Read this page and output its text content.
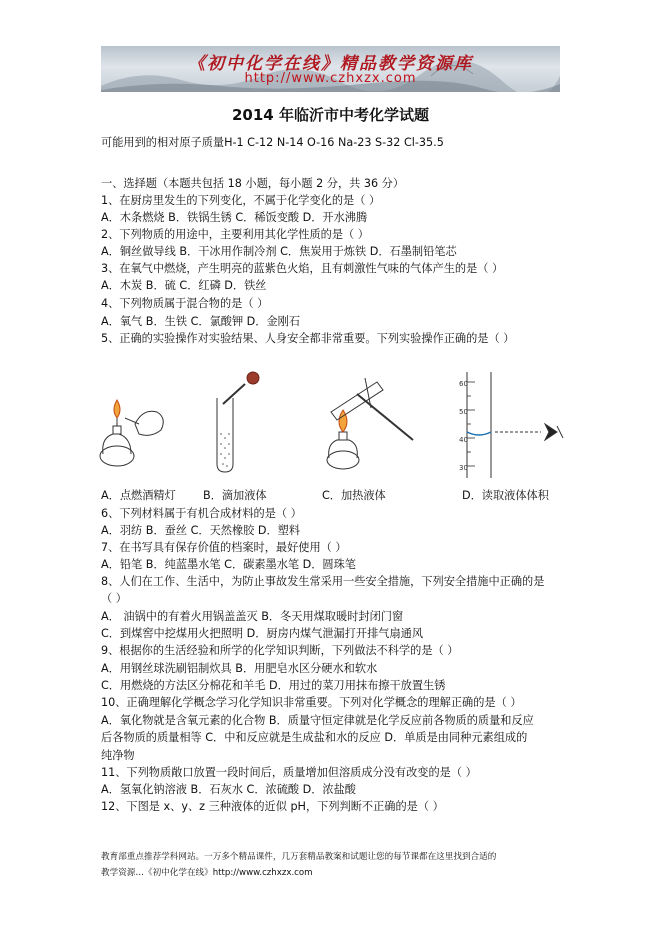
《初中化学在线》精品教学资源库
http://www.czhxzx.com
2014 年临沂市中考化学试题
可能用到的相对原子质量H-1 C-12 N-14 O-16 Na-23 S-32 Cl-35.5
一、选择题（本题共包括 18 小题，每小题 2 分，共 36 分）
1、在厨房里发生的下列变化，不属于化学变化的是（ ）
A．木条燃烧 B．铁锅生锈 C．稀饭变酸 D．开水沸腾
2、下列物质的用途中，主要利用其化学性质的是（ ）
A．铜丝做导线 B．干冰用作制冷剂 C．焦炭用于炼铁 D．石墨制铅笔芯
3、在氧气中燃烧，产生明亮的蓝紫色火焰，且有刺激性气味的气体产生的是（ ）
A．木炭 B．硫 C．红磷 D．铁丝
4、下列物质属于混合物的是（ ）
A．氧气 B．生铁 C．氯酸钾 D．金刚石
5、正确的实验操作对实验结果、人身安全都非常重要。下列实验操作正确的是（ ）
60
50
40
30
A．点燃酒精灯 B．滴加液体	C．加热液体	D．读取液体体积
6、下列材料属于有机合成材料的是（ ）
A．羽纺 B．蚕丝 C．天然橡胶 D．塑料
7、在书写具有保存价值的档案时，最好使用（ ）
A．铅笔 B．纯蓝墨水笔 C．碳素墨水笔 D．圆珠笔
8、人们在工作、生活中，为防止事故发生常采用一些安全措施，下列安全措施中正确的是
（ ）
A． 油锅中的有着火用锅盖盖灭 B．冬天用煤取暖时封闭门窗
C．到煤窖中挖煤用火把照明 D．厨房内煤气泄漏打开排气扇通风
9、根据你的生活经验和所学的化学知识判断，下列做法不科学的是（ ）
A．用钢丝球洗刷铝制炊具 B．用肥皂水区分硬水和软水
C．用燃烧的方法区分棉花和羊毛 D．用过的菜刀用抹布擦干放置生锈
10、正确理解化学概念学习化学知识非常重要。下列对化学概念的理解正确的是（ ）
A．氧化物就是含氧元素的化合物 B．质量守恒定律就是化学反应前各物质的质量和反应
后各物质的质量相等 C．中和反应就是生成盐和水的反应 D．单质是由同种元素组成的
纯净物
11、下列物质敞口放置一段时间后，质量增加但溶质成分没有改变的是（ ）
A．氢氧化钠溶液 B．石灰水 C．浓硫酸 D．浓盐酸
12、下图是 x、y、z 三种液体的近似 pH，下列判断不正确的是（ ）
教育部重点推荐学科网站。一万多个精品课件，几万套精品教案和试题让您的每节课都在这里找到合适的
教学资源…《初中化学在线》http://www.czhxzx.com
